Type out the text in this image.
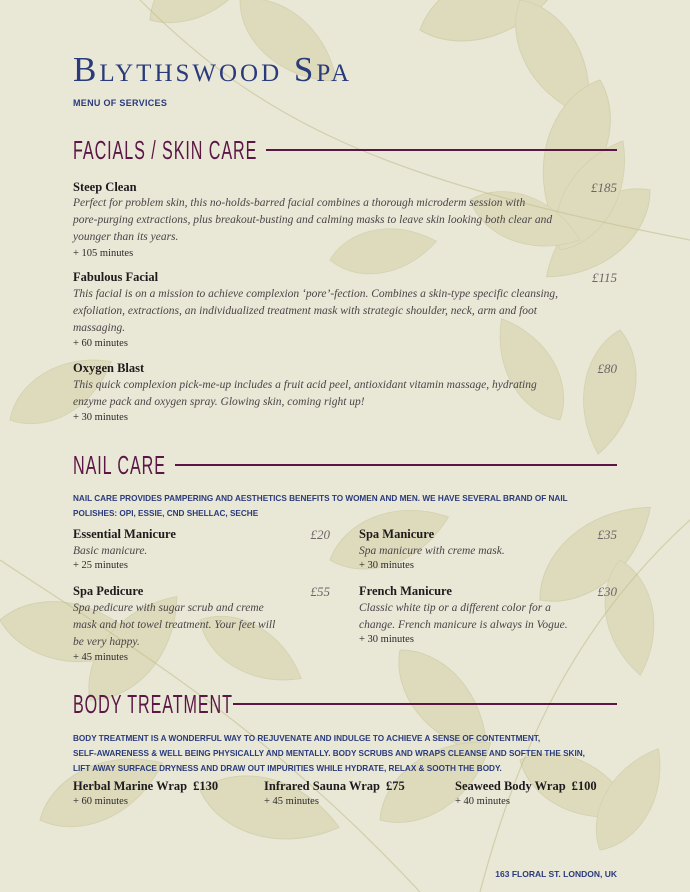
Blythswood Spa
MENU OF SERVICES
FACIALS / SKIN CARE
Steep Clean	£185
Perfect for problem skin, this no-holds-barred facial combines a thorough microderm session with
pore-purging extractions, plus breakout-busting and calming masks to leave skin looking both clear and
younger than its years.
+ 105 minutes
Fabulous Facial	£115
This facial is on a mission to achieve complexion ‘pore’-fection. Combines a skin-type specific cleansing,
exfoliation, extractions, an individualized treatment mask with strategic shoulder, neck, arm and foot
massaging.
+ 60 minutes
Oxygen Blast	£80
This quick complexion pick-me-up includes a fruit acid peel, antioxidant vitamin massage, hydrating
enzyme pack and oxygen spray. Glowing skin, coming right up!
+ 30 minutes
NAIL CARE
NAIL CARE PROVIDES PAMPERING AND AESTHETICS BENEFITS TO WOMEN AND MEN. WE HAVE SEVERAL BRAND OF NAIL
POLISHES: OPI, ESSIE, CND SHELLAC, SECHE
Essential Manicure	£20
Basic manicure.
+ 25 minutes
Spa Manicure	£35
Spa manicure with creme mask.
+ 30 minutes
Spa Pedicure	£55
Spa pedicure with sugar scrub and creme
mask and hot towel treatment. Your feet will
be very happy.
+ 45 minutes
French Manicure	£30
Classic white tip or a different color for a
change. French manicure is always in Vogue.
+ 30 minutes
BODY TREATMENT
BODY TREATMENT IS A WONDERFUL WAY TO REJUVENATE AND INDULGE TO ACHIEVE A SENSE OF CONTENTMENT,
SELF-AWARENESS & WELL BEING PHYSICALLY AND MENTALLY. BODY SCRUBS AND WRAPS CLEANSE AND SOFTEN THE SKIN,
LIFT AWAY SURFACE DRYNESS AND DRAW OUT IMPURITIES WHILE HYDRATE, RELAX & SOOTH THE BODY.
Herbal Marine Wrap £130
+ 60 minutes
Infrared Sauna Wrap £75
+ 45 minutes
Seaweed Body Wrap £100
+ 40 minutes
163 FLORAL ST. LONDON, UK
